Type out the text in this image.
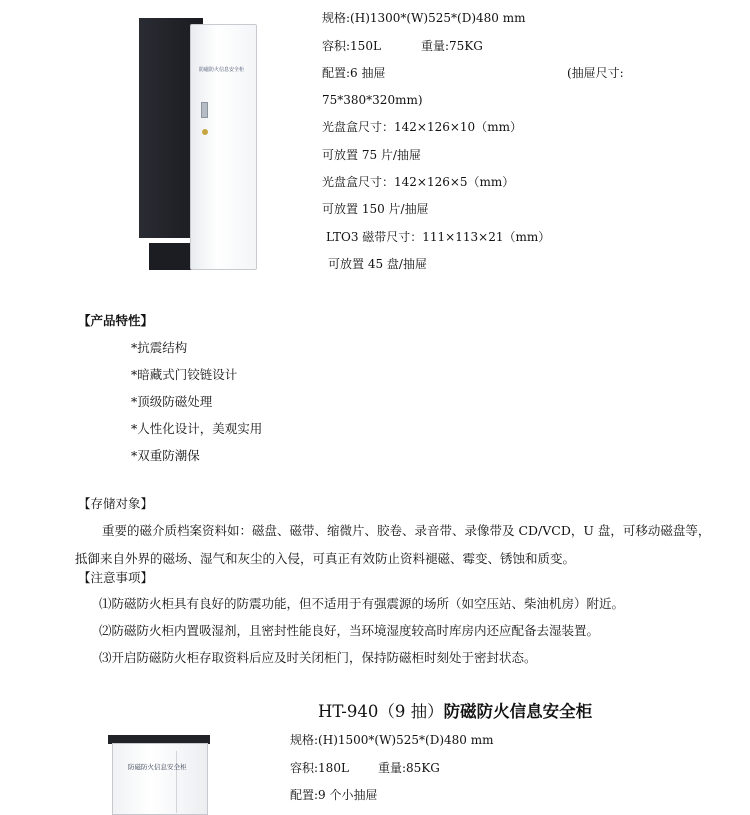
防磁防火信息安全柜
规格:(H)1300*(W)525*(D)480 mm
容积:150L	重量:75KG
配置:6 抽屉	(抽屉尺寸:
75*380*320mm)
光盘盒尺寸：142×126×10（mm）
可放置 75 片/抽屉
光盘盒尺寸：142×126×5（mm）
可放置 150 片/抽屉
LTO3 磁带尺寸：111×113×21（mm）
可放置 45 盘/抽屉
【产品特性】
*抗震结构
*暗藏式门铰链设计
*顶级防磁处理
*人性化设计，美观实用
*双重防潮保
【存储对象】
重要的磁介质档案资料如：磁盘、磁带、缩微片、胶卷、录音带、录像带及 CD/VCD，U 盘，可移动磁盘等，
抵御来自外界的磁场、湿气和灰尘的入侵，可真正有效防止资料褪磁、霉变、锈蚀和质变。
【注意事项】
⑴防磁防火柜具有良好的防震功能，但不适用于有强震源的场所（如空压站、柴油机房）附近。
⑵防磁防火柜内置吸湿剂，且密封性能良好，当环境湿度较高时库房内还应配备去湿装置。
⑶开启防磁防火柜存取资料后应及时关闭柜门，保持防磁柜时刻处于密封状态。
HT-940（9 抽）防磁防火信息安全柜
防磁防火信息安全柜
规格:(H)1500*(W)525*(D)480 mm
容积:180L 重量:85KG
配置:9 个小抽屉
